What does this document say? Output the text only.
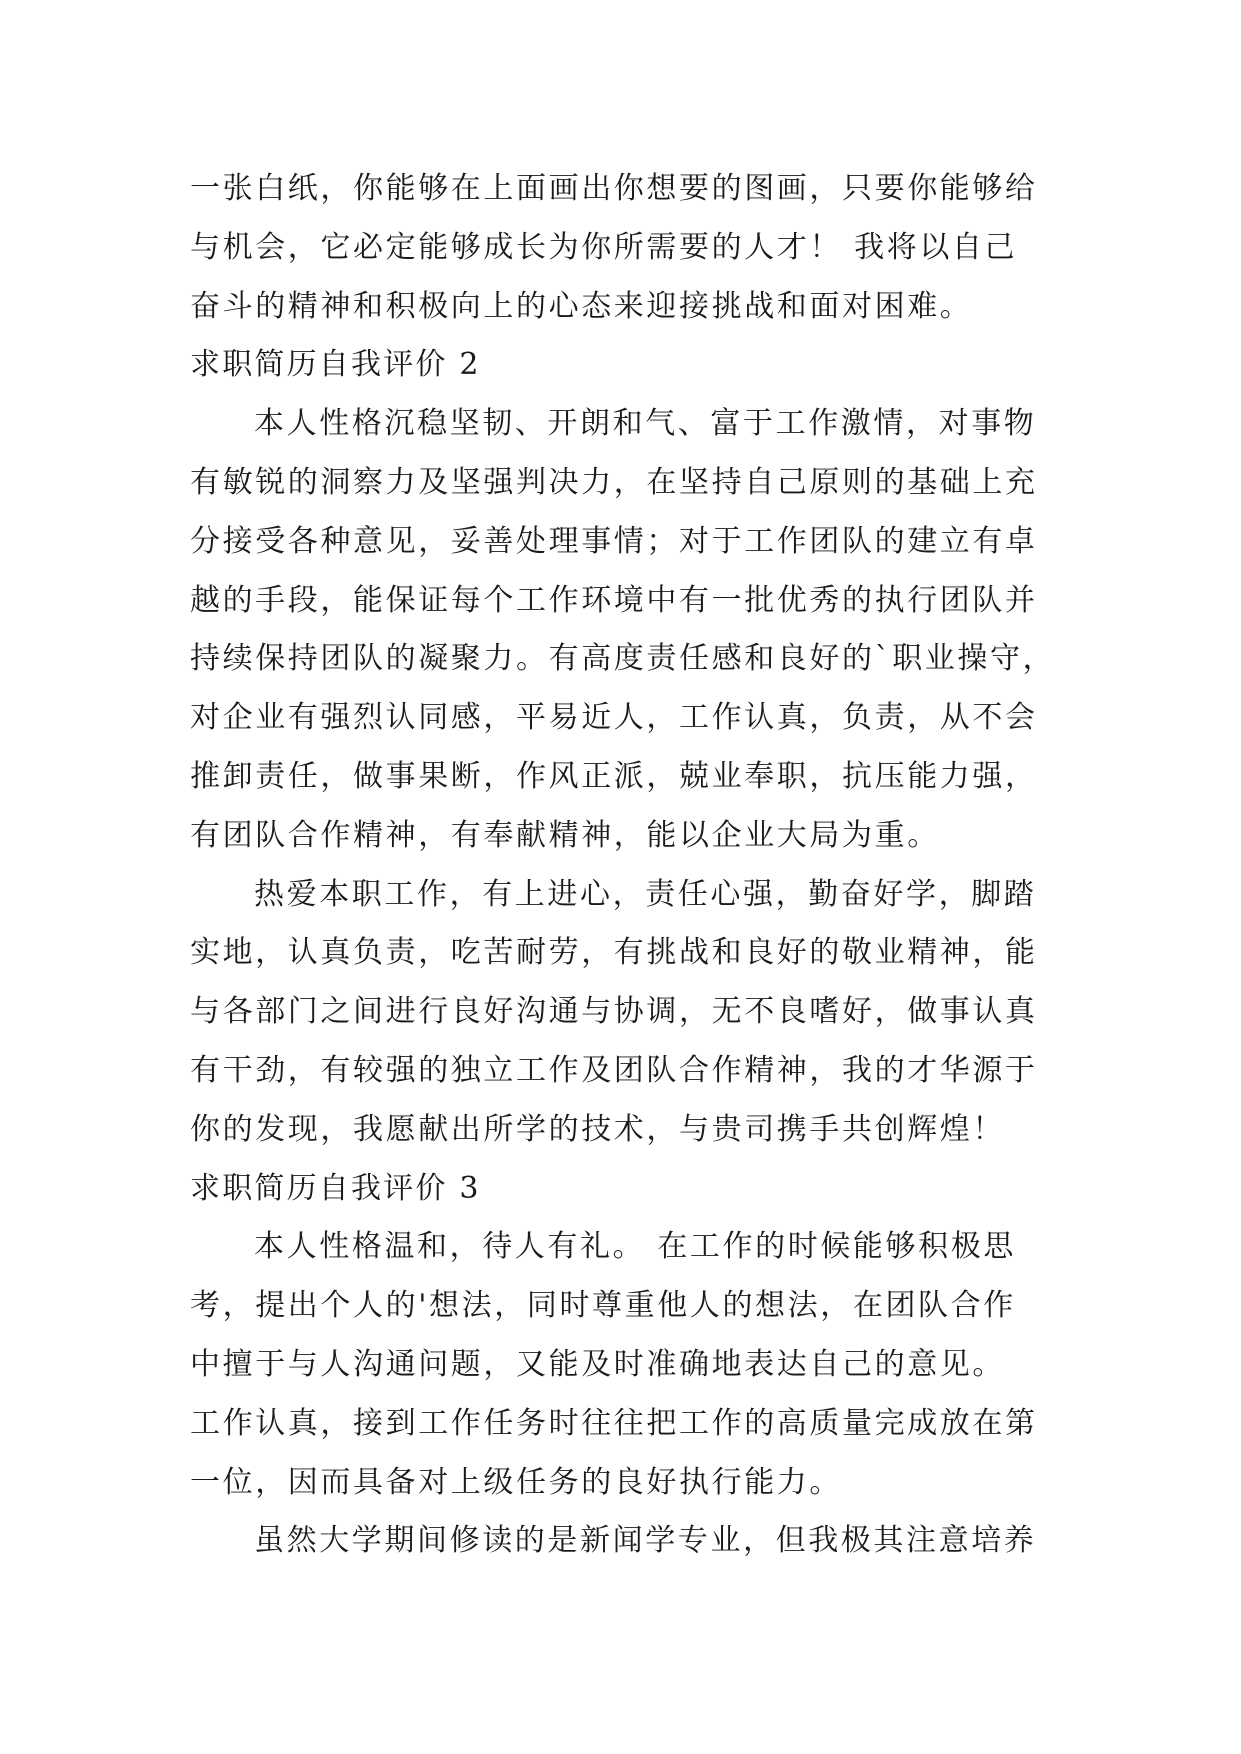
一张白纸，你能够在上面画出你想要的图画，只要你能够给
与机会，它必定能够成长为你所需要的人才！ 我将以自己
奋斗的精神和积极向上的心态来迎接挑战和面对困难。
求职简历自我评价 2
本人性格沉稳坚韧、开朗和气、富于工作激情，对事物
有敏锐的洞察力及坚强判决力，在坚持自己原则的基础上充
分接受各种意见，妥善处理事情；对于工作团队的建立有卓
越的手段，能保证每个工作环境中有一批优秀的执行团队并
持续保持团队的凝聚力。有高度责任感和良好的`职业操守，
对企业有强烈认同感，平易近人，工作认真，负责，从不会
推卸责任，做事果断，作风正派，兢业奉职，抗压能力强，
有团队合作精神，有奉献精神，能以企业大局为重。
热爱本职工作，有上进心，责任心强，勤奋好学，脚踏
实地，认真负责，吃苦耐劳，有挑战和良好的敬业精神，能
与各部门之间进行良好沟通与协调，无不良嗜好，做事认真
有干劲，有较强的独立工作及团队合作精神，我的才华源于
你的发现，我愿献出所学的技术，与贵司携手共创辉煌！
求职简历自我评价 3
本人性格温和，待人有礼。 在工作的时候能够积极思
考，提出个人的'想法，同时尊重他人的想法，在团队合作
中擅于与人沟通问题，又能及时准确地表达自己的意见。
工作认真，接到工作任务时往往把工作的高质量完成放在第
一位，因而具备对上级任务的良好执行能力。
虽然大学期间修读的是新闻学专业，但我极其注意培养
